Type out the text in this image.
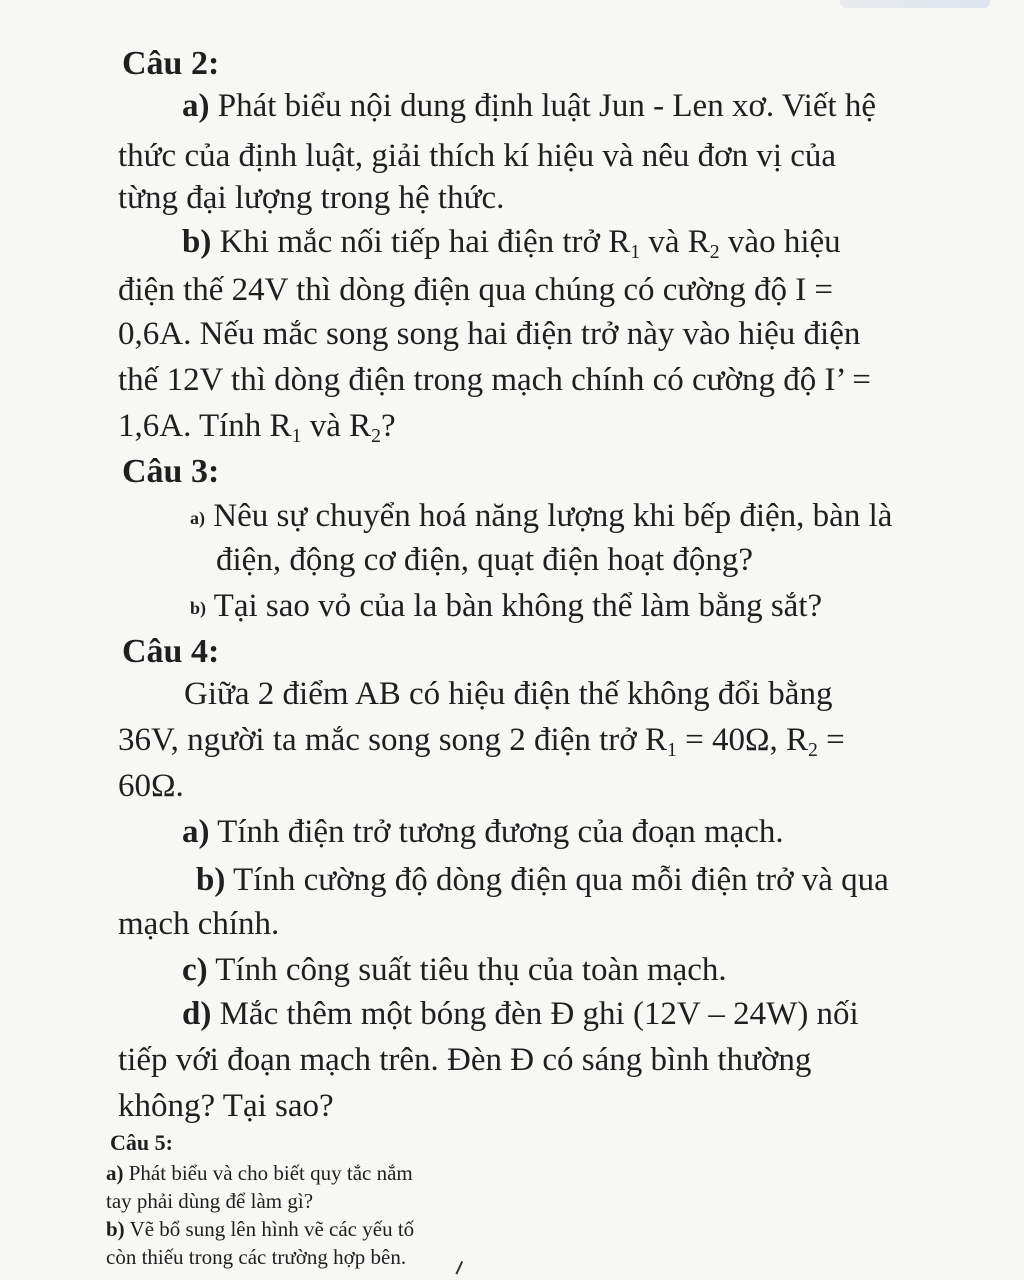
Câu 2:
a) Phát biểu nội dung định luật Jun - Len xơ. Viết hệ
thức của định luật, giải thích kí hiệu và nêu đơn vị của
từng đại lượng trong hệ thức.
b) Khi mắc nối tiếp hai điện trở $R_1$ và $R_2$ vào hiệu
điện thế 24V thì dòng điện qua chúng có cường độ I =
0,6A. Nếu mắc song song hai điện trở này vào hiệu điện
thế 12V thì dòng điện trong mạch chính có cường độ I’ =
1,6A. Tính $R_1$ và $R_2$?
Câu 3:
a) Nêu sự chuyển hoá năng lượng khi bếp điện, bàn là
điện, động cơ điện, quạt điện hoạt động?
b) Tại sao vỏ của la bàn không thể làm bằng sắt?
Câu 4:
Giữa 2 điểm AB có hiệu điện thế không đổi bằng
36V, người ta mắc song song 2 điện trở $R_1 = 40\Omega$, $R_2$ =
60Ω.
a) Tính điện trở tương đương của đoạn mạch.
b) Tính cường độ dòng điện qua mỗi điện trở và qua
mạch chính.
c) Tính công suất tiêu thụ của toàn mạch.
d) Mắc thêm một bóng đèn Đ ghi (12V – 24W) nối
tiếp với đoạn mạch trên. Đèn Đ có sáng bình thường
không? Tại sao?
Câu 5:
a) Phát biểu và cho biết quy tắc nắm
tay phải dùng để làm gì?
b) Vẽ bổ sung lên hình vẽ các yếu tố
còn thiếu trong các trường hợp bên.
